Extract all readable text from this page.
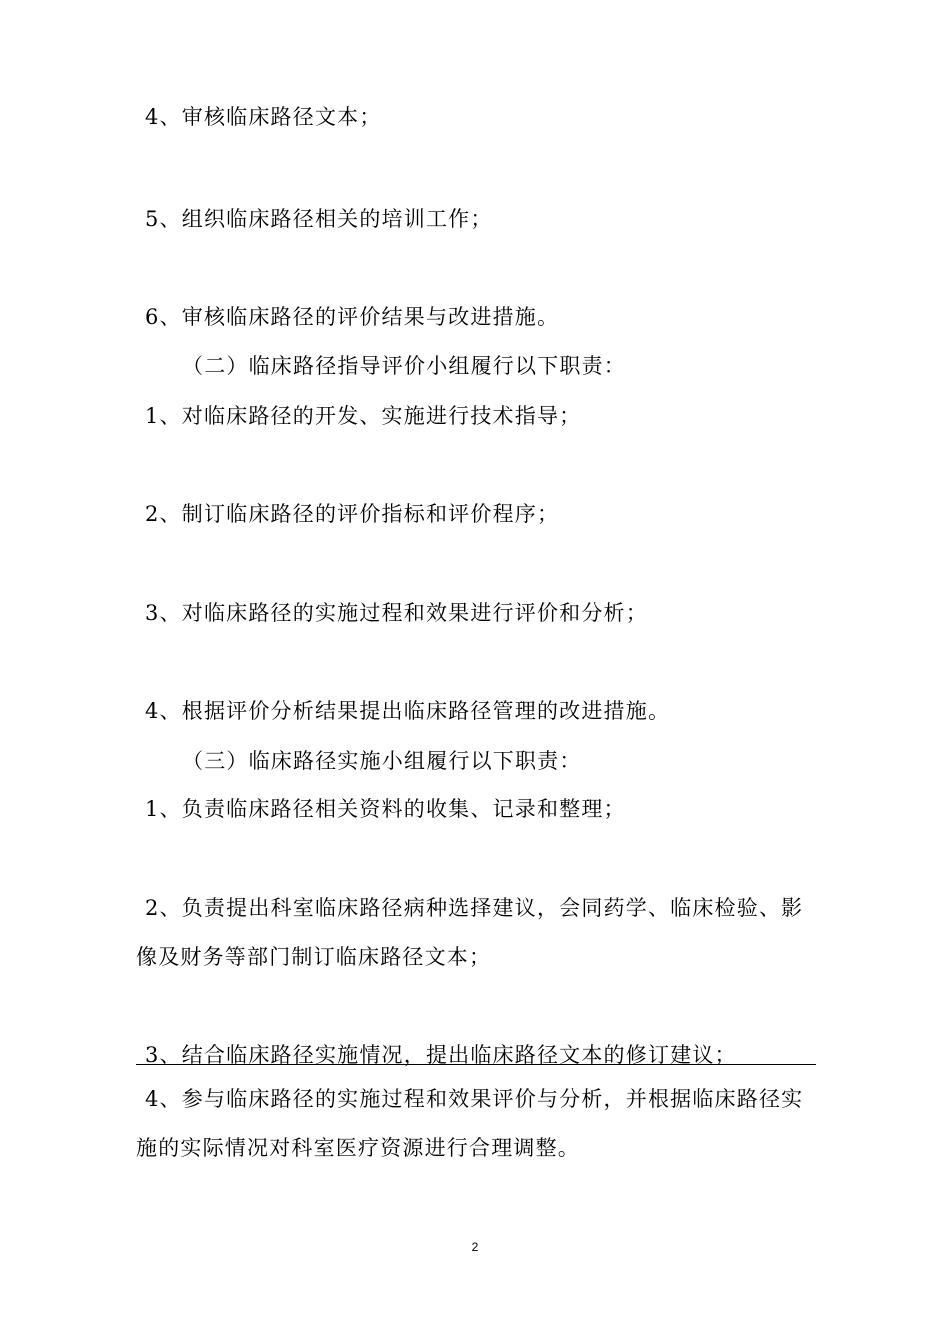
4、审核临床路径文本；
5、组织临床路径相关的培训工作；
6、审核临床路径的评价结果与改进措施。
（二）临床路径指导评价小组履行以下职责：
1、对临床路径的开发、实施进行技术指导；
2、制订临床路径的评价指标和评价程序；
3、对临床路径的实施过程和效果进行评价和分析；
4、根据评价分析结果提出临床路径管理的改进措施。
（三）临床路径实施小组履行以下职责：
1、负责临床路径相关资料的收集、记录和整理；
2、负责提出科室临床路径病种选择建议，会同药学、临床检验、影
像及财务等部门制订临床路径文本；
3、结合临床路径实施情况，提出临床路径文本的修订建议；
4、参与临床路径的实施过程和效果评价与分析，并根据临床路径实
施的实际情况对科室医疗资源进行合理调整。
2
